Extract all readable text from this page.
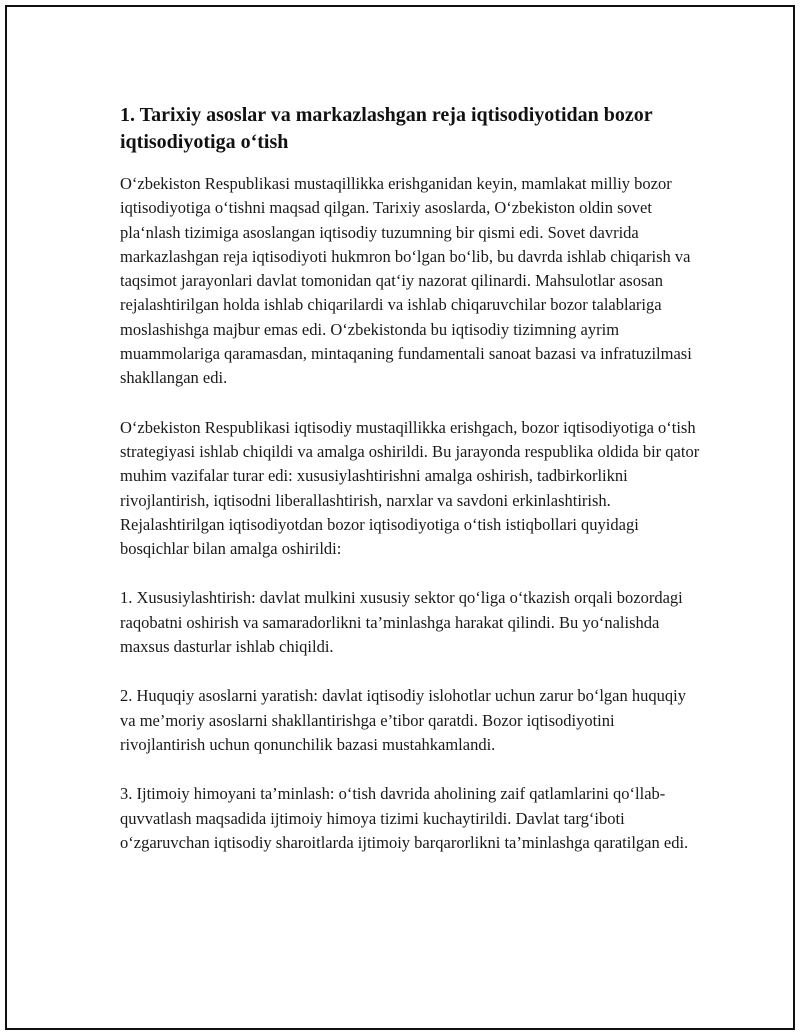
1. Tarixiy asoslar va markazlashgan reja iqtisodiyotidan bozor iqtisodiyotiga o‘tish

O‘zbekiston Respublikasi mustaqillikka erishganidan keyin, mamlakat milliy bozor iqtisodiyotiga o‘tishni maqsad qilgan. Tarixiy asoslarda, O‘zbekiston oldin sovet pla‘nlash tizimiga asoslangan iqtisodiy tuzumning bir qismi edi. Sovet davrida markazlashgan reja iqtisodiyoti hukmron bo‘lgan bo‘lib, bu davrda ishlab chiqarish va taqsimot jarayonlari davlat tomonidan qat‘iy nazorat qilinardi. Mahsulotlar asosan rejalashtirilgan holda ishlab chiqarilardi va ishlab chiqaruvchilar bozor talablariga moslashishga majbur emas edi. O‘zbekistonda bu iqtisodiy tizimning ayrim muammolariga qaramasdan, mintaqaning fundamentali sanoat bazasi va infratuzilmasi shakllangan edi.

O‘zbekiston Respublikasi iqtisodiy mustaqillikka erishgach, bozor iqtisodiyotiga o‘tish strategiyasi ishlab chiqildi va amalga oshirildi. Bu jarayonda respublika oldida bir qator muhim vazifalar turar edi: xususiylashtirishni amalga oshirish, tadbirkorlikni rivojlantirish, iqtisodni liberallashtirish, narxlar va savdoni erkinlashtirish. Rejalashtirilgan iqtisodiyotdan bozor iqtisodiyotiga o‘tish istiqbollari quyidagi bosqichlar bilan amalga oshirildi:

1. Xususiylashtirish: davlat mulkini xususiy sektor qo‘liga o‘tkazish orqali bozordagi raqobatni oshirish va samaradorlikni ta’minlashga harakat qilindi. Bu yo‘nalishda maxsus dasturlar ishlab chiqildi.

2. Huquqiy asoslarni yaratish: davlat iqtisodiy islohotlar uchun zarur bo‘lgan huquqiy va me’moriy asoslarni shakllantirishga e’tibor qaratdi. Bozor iqtisodiyotini rivojlantirish uchun qonunchilik bazasi mustahkamlandi.

3. Ijtimoiy himoyani ta’minlash: o‘tish davrida aholining zaif qatlamlarini qo‘llab-quvvatlash maqsadida ijtimoiy himoya tizimi kuchaytirildi. Davlat targ‘iboti o‘zgaruvchan iqtisodiy sharoitlarda ijtimoiy barqarorlikni ta’minlashga qaratilgan edi.
